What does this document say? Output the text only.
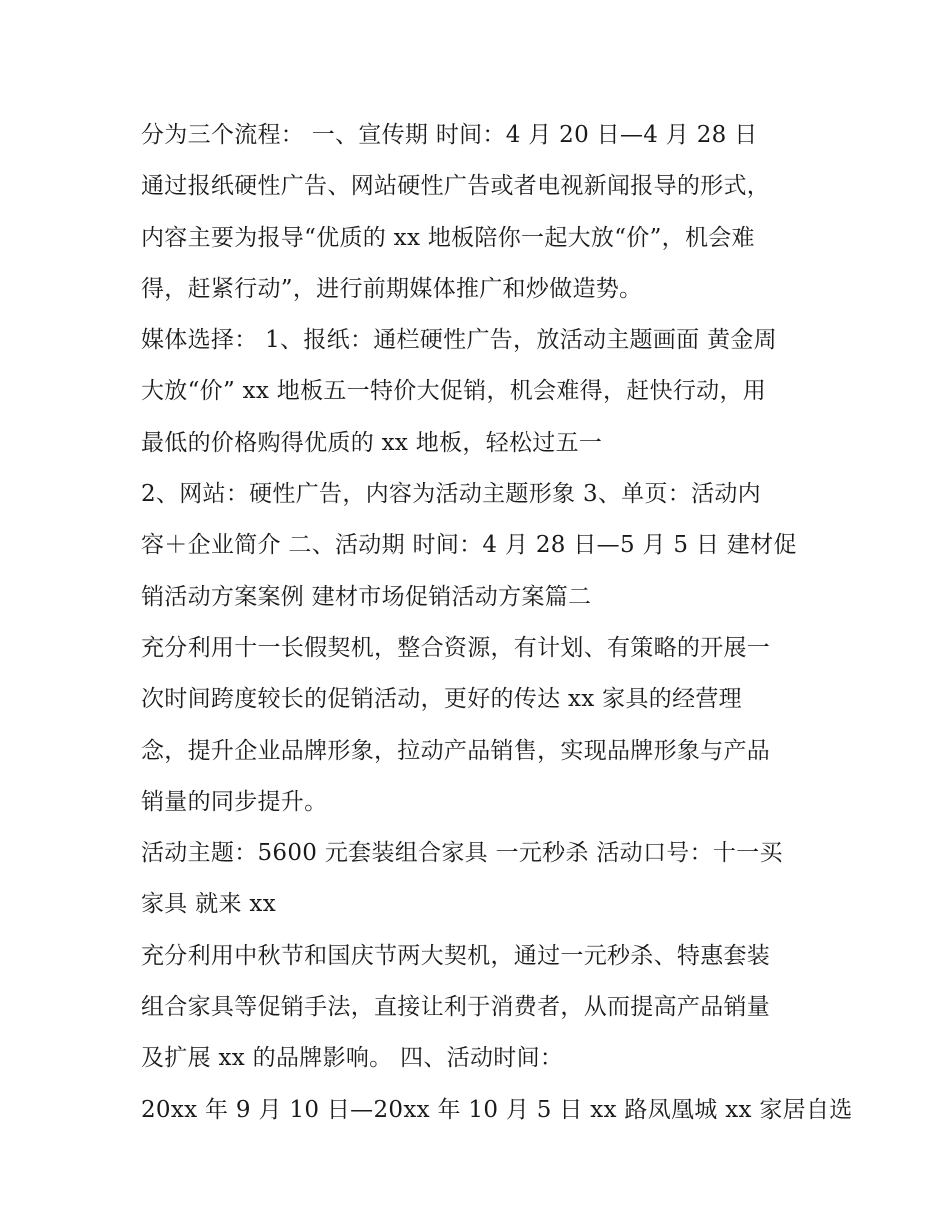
分为三个流程： 一、宣传期 时间：4 月 20 日—4 月 28 日
通过报纸硬性广告、网站硬性广告或者电视新闻报导的形式，
内容主要为报导“优质的 xx 地板陪你一起大放“价”，机会难
得，赶紧行动”，进行前期媒体推广和炒做造势。
媒体选择： 1、报纸：通栏硬性广告，放活动主题画面 黄金周
大放“价” xx 地板五一特价大促销，机会难得，赶快行动，用
最低的价格购得优质的 xx 地板，轻松过五一
2、网站：硬性广告，内容为活动主题形象 3、单页：活动内
容＋企业简介 二、活动期 时间：4 月 28 日—5 月 5 日 建材促
销活动方案案例 建材市场促销活动方案篇二
充分利用十一长假契机，整合资源，有计划、有策略的开展一
次时间跨度较长的促销活动，更好的传达 xx 家具的经营理
念，提升企业品牌形象，拉动产品销售，实现品牌形象与产品
销量的同步提升。
活动主题：5600 元套装组合家具 一元秒杀 活动口号：十一买
家具 就来 xx
充分利用中秋节和国庆节两大契机，通过一元秒杀、特惠套装
组合家具等促销手法，直接让利于消费者，从而提高产品销量
及扩展 xx 的品牌影响。 四、活动时间：
20xx 年 9 月 10 日—20xx 年 10 月 5 日 xx 路凤凰城 xx 家居自选
